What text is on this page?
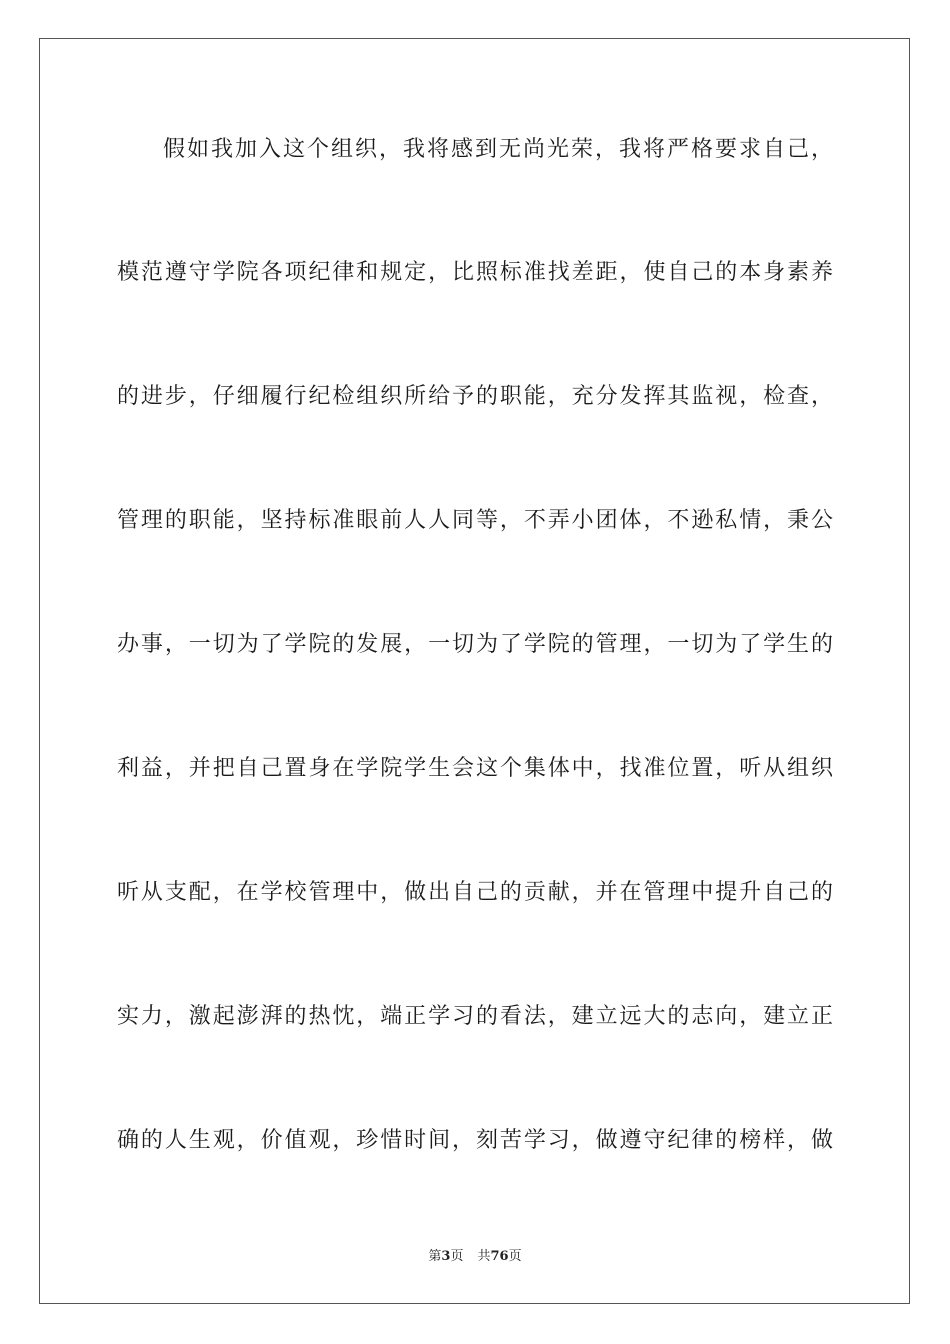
假如我加入这个组织，我将感到无尚光荣，我将严格要求自己，
模范遵守学院各项纪律和规定，比照标准找差距，使自己的本身素养
的进步，仔细履行纪检组织所给予的职能，充分发挥其监视，检查，
管理的职能，坚持标准眼前人人同等，不弄小团体，不逊私情，秉公
办事，一切为了学院的发展，一切为了学院的管理，一切为了学生的
利益，并把自己置身在学院学生会这个集体中，找准位置，听从组织
听从支配，在学校管理中，做出自己的贡献，并在管理中提升自己的
实力，激起澎湃的热忱，端正学习的看法，建立远大的志向，建立正
确的人生观，价值观，珍惜时间，刻苦学习，做遵守纪律的榜样，做
第3页 共76页
